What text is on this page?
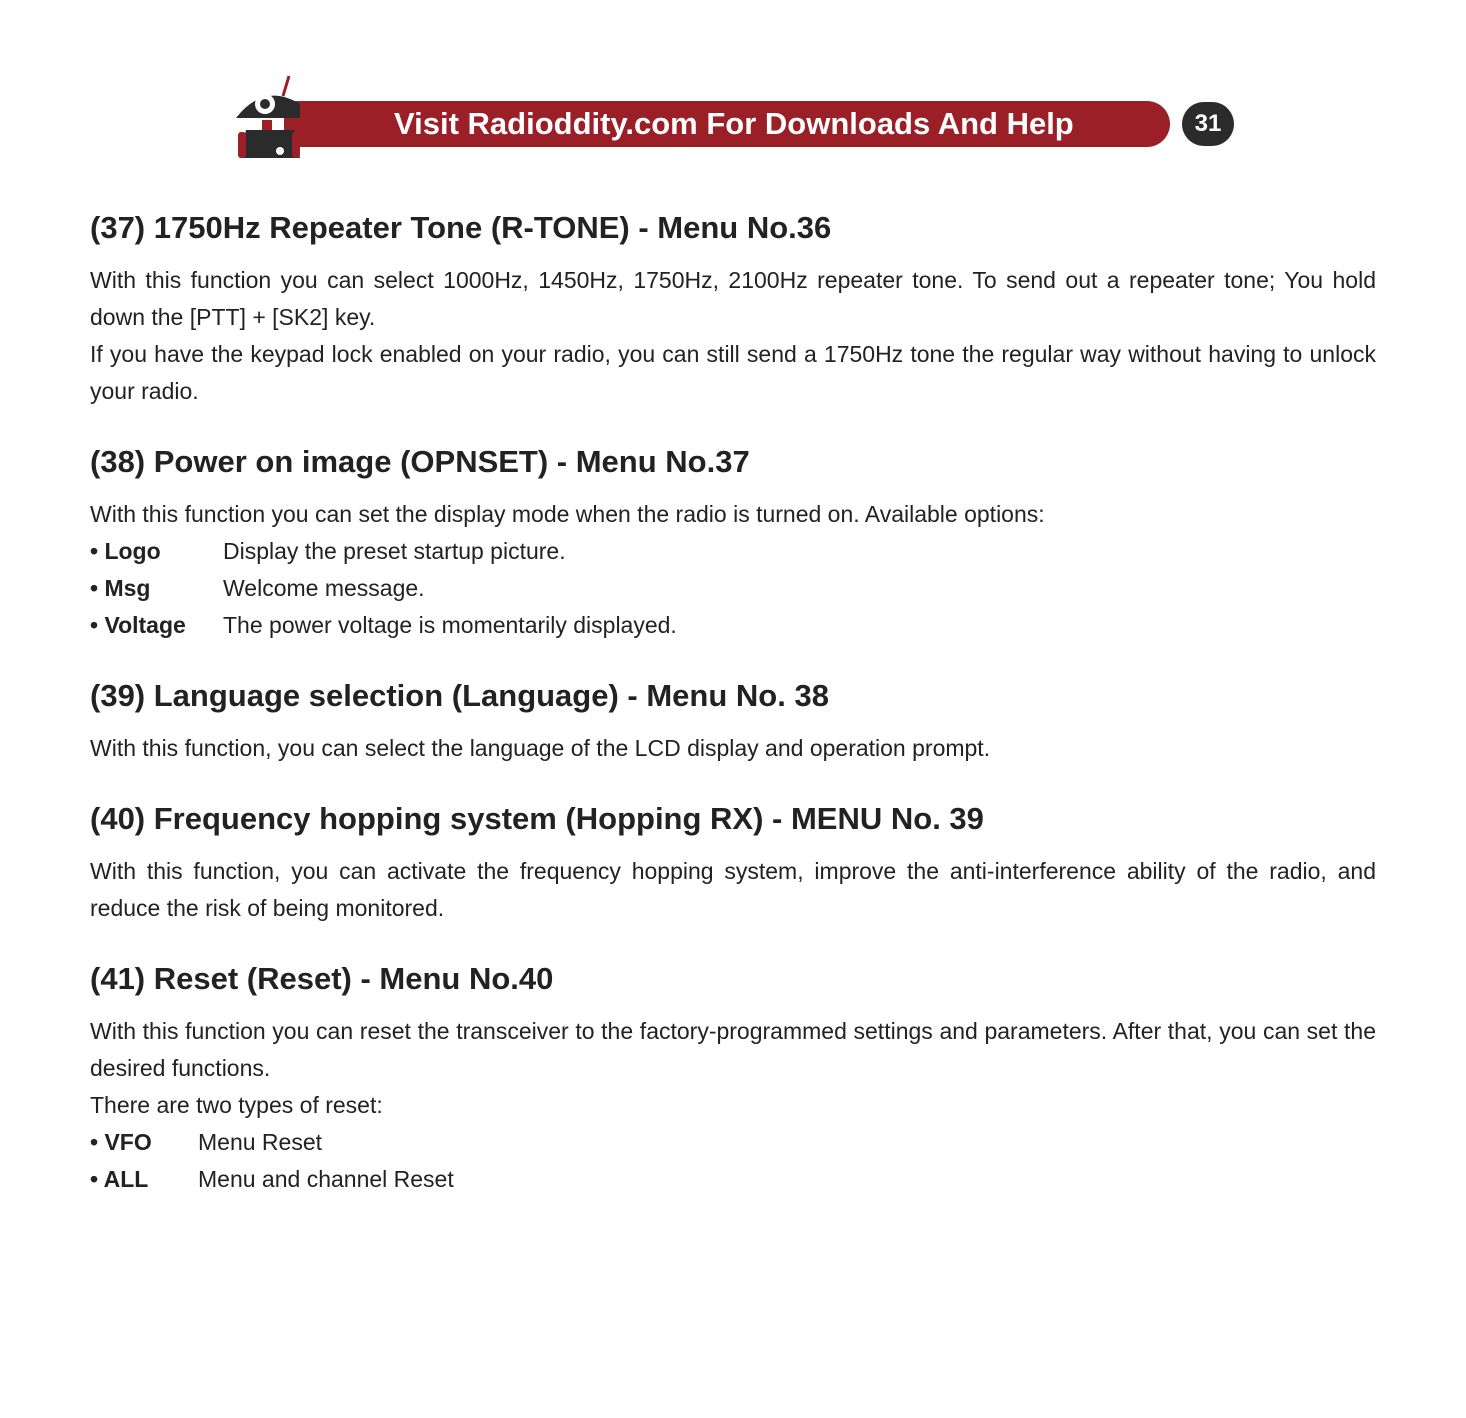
Visit Radioddity.com For Downloads And Help	31
(37) 1750Hz Repeater Tone (R-TONE) - Menu No.36

With this function you can select 1000Hz, 1450Hz, 1750Hz, 2100Hz repeater tone. To send out a repeater tone; You hold down the [PTT] + [SK2] key.

If you have the keypad lock enabled on your radio, you can still send a 1750Hz tone the regular way without having to unlock your radio.

(38) Power on image (OPNSET) - Menu No.37

With this function you can set the display mode when the radio is turned on. Available options:

• Logo	Display the preset startup picture.
• Msg	Welcome message.
• Voltage	The power voltage is momentarily displayed.
(39) Language selection (Language) - Menu No. 38

With this function, you can select the language of the LCD display and operation prompt.

(40) Frequency hopping system (Hopping RX) - MENU No. 39

With this function, you can activate the frequency hopping system, improve the anti-interference ability of the radio, and reduce the risk of being monitored.

(41) Reset (Reset) - Menu No.40

With this function you can reset the transceiver to the factory-programmed settings and parameters. After that, you can set the desired functions.

There are two types of reset:

• VFO	Menu Reset
• ALL	Menu and channel Reset
